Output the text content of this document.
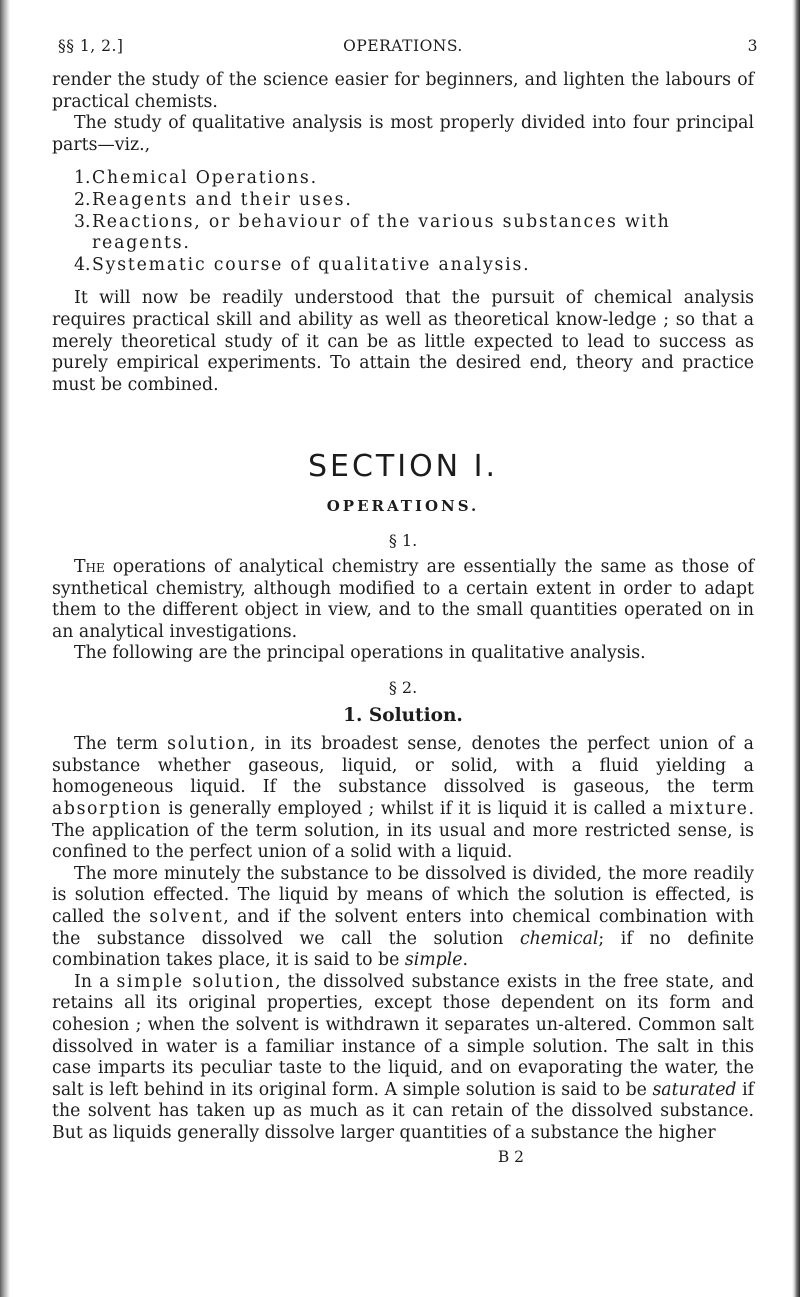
§§ 1, 2.]	OPERATIONS.	3

render the study of the science easier for beginners, and lighten the labours of practical chemists.

The study of qualitative analysis is most properly divided into four principal parts—viz.,

1.Chemical Operations.
2.Reagents and their uses.
3.Reactions, or behaviour of the various substances with reagents.
4.Systematic course of qualitative analysis.

It will now be readily understood that the pursuit of chemical analysis requires practical skill and ability as well as theoretical know-ledge ; so that a merely theoretical study of it can be as little expected to lead to success as purely empirical experiments. To attain the desired end, theory and practice must be combined.

SECTION I.
OPERATIONS.
§ 1.

The operations of analytical chemistry are essentially the same as those of synthetical chemistry, although modified to a certain extent in order to adapt them to the different object in view, and to the small quantities operated on in an analytical investigations.

The following are the principal operations in qualitative analysis.

§ 2.
1. Solution.

The term solution, in its broadest sense, denotes the perfect union of a substance whether gaseous, liquid, or solid, with a fluid yielding a homogeneous liquid. If the substance dissolved is gaseous, the term absorption is generally employed ; whilst if it is liquid it is called a mixture. The application of the term solution, in its usual and more restricted sense, is confined to the perfect union of a solid with a liquid.

The more minutely the substance to be dissolved is divided, the more readily is solution effected. The liquid by means of which the solution is effected, is called the solvent, and if the solvent enters into chemical combination with the substance dissolved we call the solution chemical; if no definite combination takes place, it is said to be simple.

In a simple solution, the dissolved substance exists in the free state, and retains all its original properties, except those dependent on its form and cohesion ; when the solvent is withdrawn it separates un-altered. Common salt dissolved in water is a familiar instance of a simple solution. The salt in this case imparts its peculiar taste to the liquid, and on evaporating the water, the salt is left behind in its original form. A simple solution is said to be saturated if the solvent has taken up as much as it can retain of the dissolved substance. But as liquids generally dissolve larger quantities of a substance the higher

B 2
